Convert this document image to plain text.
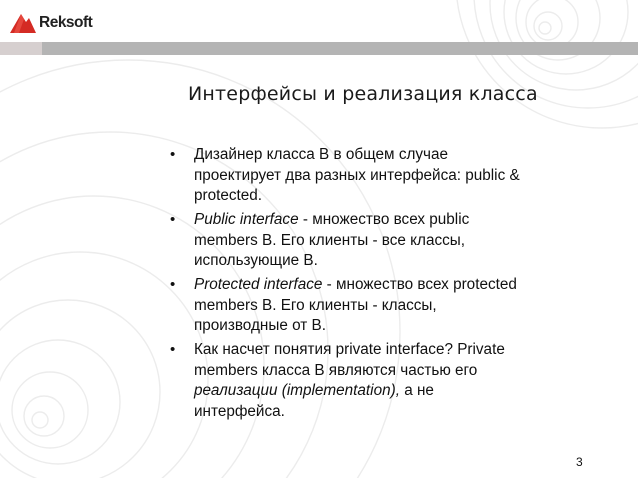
Reksoft
Интерфейсы и реализация класса
• Дизайнер класса B в общем случае
проектирует два разных интерфейса: public &
protected.
• Public interface - множество всех public
members B. Его клиенты - все классы,
использующие B.
• Protected interface - множество всех protected
members B. Его клиенты - классы,
производные от B.
• Как насчет понятия private interface? Private
members класса B являются частью его
реализации (implementation), а не
интерфейса.
3
